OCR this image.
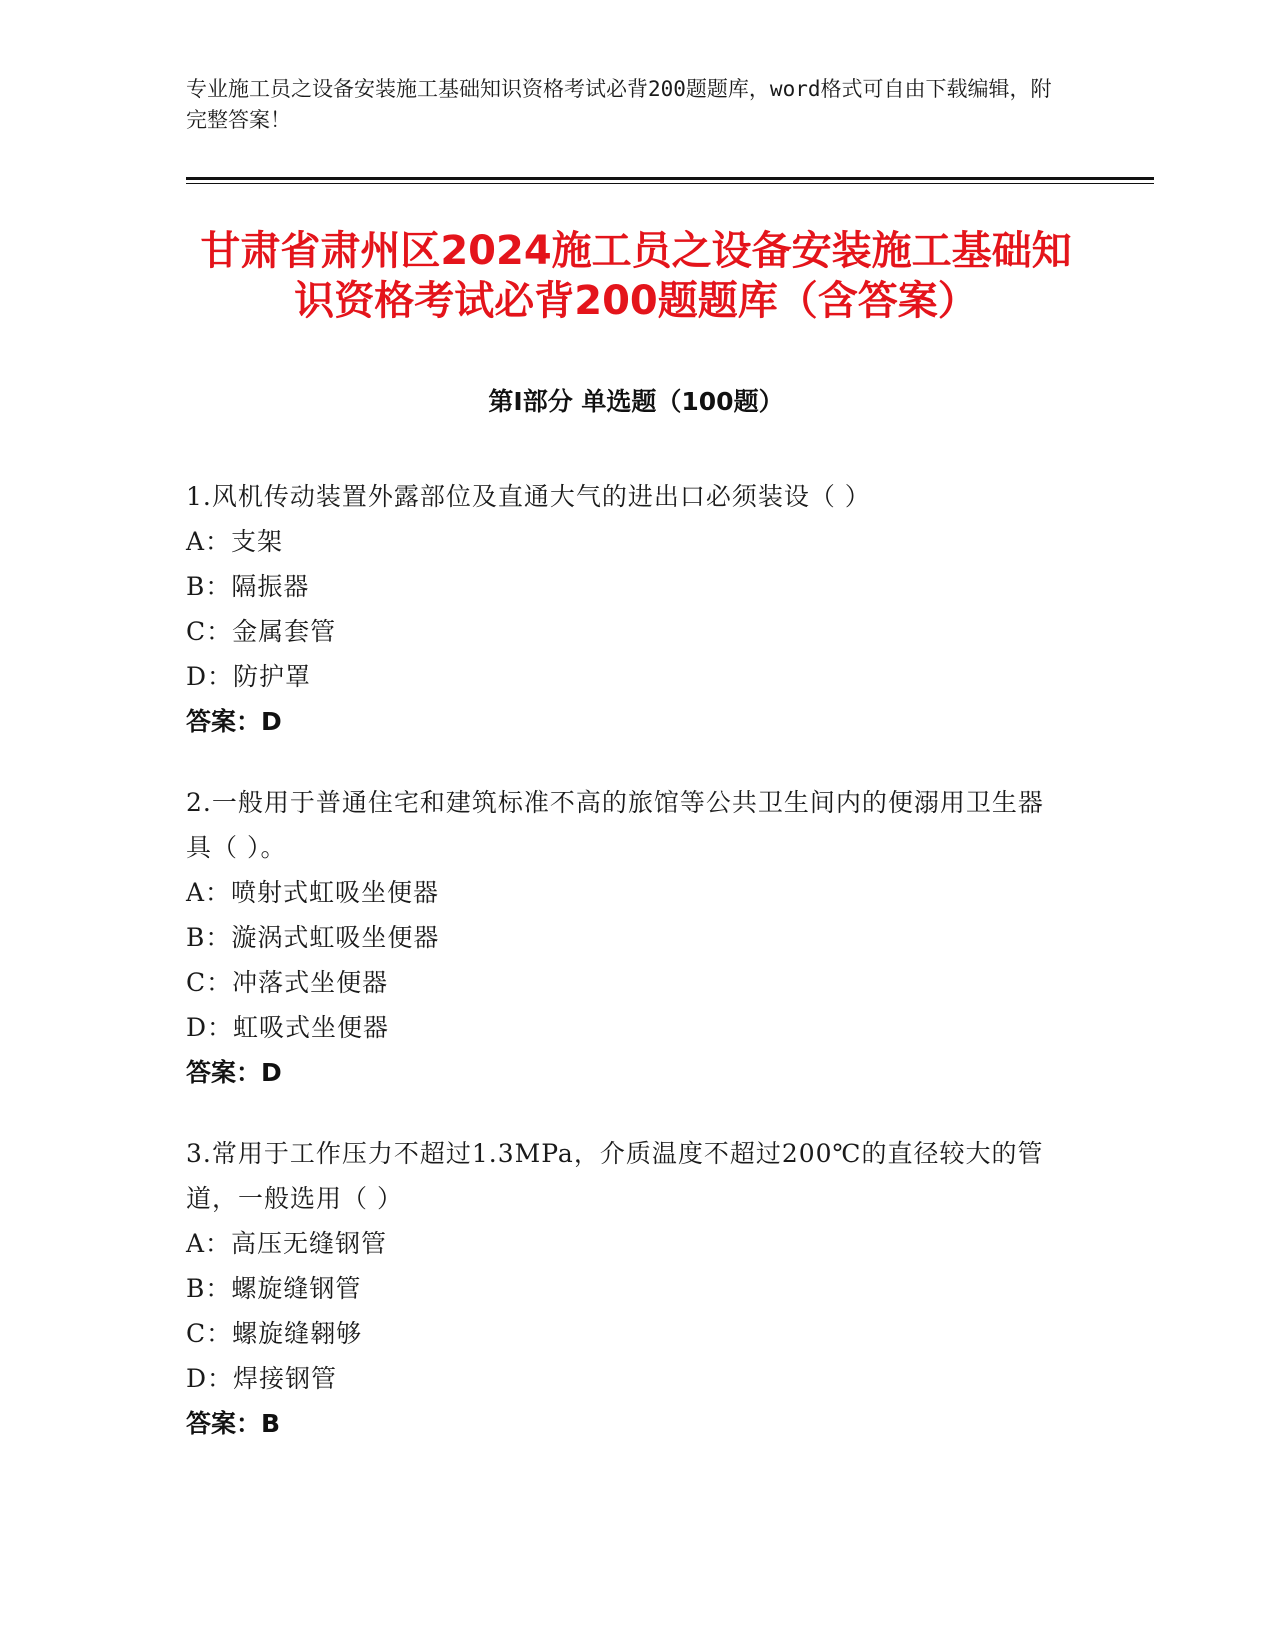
专业施工员之设备安装施工基础知识资格考试必背200题题库，word格式可自由下载编辑，附完整答案！
甘肃省肃州区2024施工员之设备安装施工基础知识资格考试必背200题题库（含答案）
第Ⅰ部分 单选题（100题）
1.风机传动装置外露部位及直通大气的进出口必须装设（ ）
A：支架
B：隔振器
C：金属套管
D：防护罩
答案：D
2.一般用于普通住宅和建筑标准不高的旅馆等公共卫生间内的便溺用卫生器具（ ）。
A：喷射式虹吸坐便器
B：漩涡式虹吸坐便器
C：冲落式坐便器
D：虹吸式坐便器
答案：D
3.常用于工作压力不超过1.3MPa，介质温度不超过200℃的直径较大的管道，一般选用（ ）
A：高压无缝钢管
B：螺旋缝钢管
C：螺旋缝翱够
D：焊接钢管
答案：B
